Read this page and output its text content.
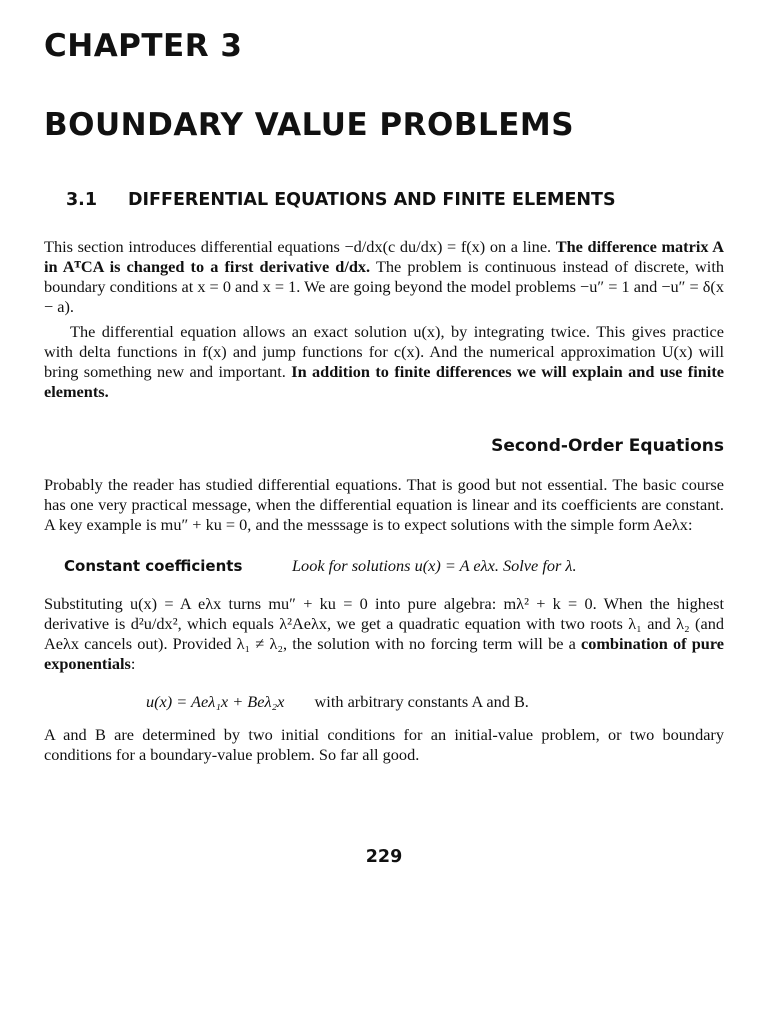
CHAPTER 3
BOUNDARY VALUE PROBLEMS
3.1	DIFFERENTIAL EQUATIONS AND FINITE ELEMENTS

This section introduces differential equations −d/dx(c du/dx) = f(x) on a line. The difference matrix A in AᵀCA is changed to a first derivative d/dx. The problem is continuous instead of discrete, with boundary conditions at x = 0 and x = 1. We are going beyond the model problems −u″ = 1 and −u″ = δ(x − a).

The differential equation allows an exact solution u(x), by integrating twice. This gives practice with delta functions in f(x) and jump functions for c(x). And the numerical approximation U(x) will bring something new and important. In addition to finite differences we will explain and use finite elements.

Second-Order Equations

Probably the reader has studied differential equations. That is good but not essential. The basic course has one very practical message, when the differential equation is linear and its coefficients are constant. A key example is mu″ + ku = 0, and the messsage is to expect solutions with the simple form Aeλx:

Constant coefficients	Look for solutions u(x) = A eλx. Solve for λ.

Substituting u(x) = A eλx turns mu″ + ku = 0 into pure algebra: mλ² + k = 0. When the highest derivative is d²u/dx², which equals λ²Aeλx, we get a quadratic equation with two roots λ₁ and λ₂ (and Aeλx cancels out). Provided λ₁ ≠ λ₂, the solution with no forcing term will be a combination of pure exponentials:

u(x) = Aeλ₁x + Beλ₂x with arbitrary constants A and B.

A and B are determined by two initial conditions for an initial-value problem, or two boundary conditions for a boundary-value problem. So far all good.

229
